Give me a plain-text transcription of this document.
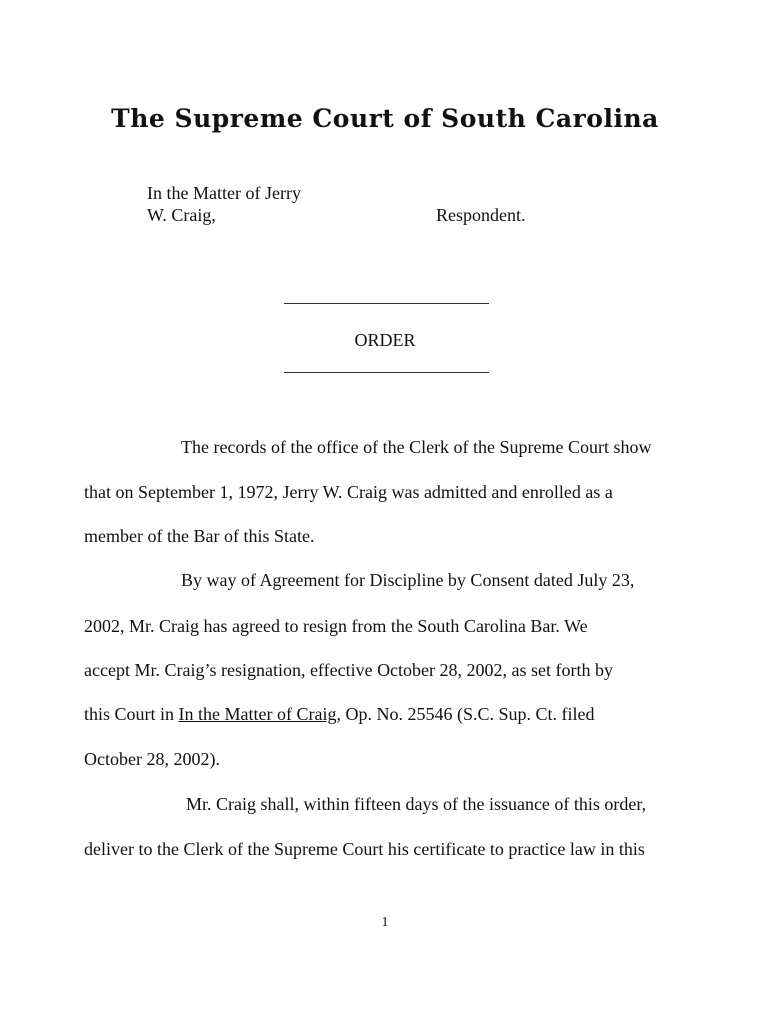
The Supreme Court of South Carolina
In the Matter of Jerry
W. Craig,	Respondent.
ORDER
The records of the office of the Clerk of the Supreme Court show
that on September 1, 1972, Jerry W. Craig was admitted and enrolled as a
member of the Bar of this State.
By way of Agreement for Discipline by Consent dated July 23,
2002, Mr. Craig has agreed to resign from the South Carolina Bar. We
accept Mr. Craig’s resignation, effective October 28, 2002, as set forth by
this Court in In the Matter of Craig, Op. No. 25546 (S.C. Sup. Ct. filed
October 28, 2002).
Mr. Craig shall, within fifteen days of the issuance of this order,
deliver to the Clerk of the Supreme Court his certificate to practice law in this
1
